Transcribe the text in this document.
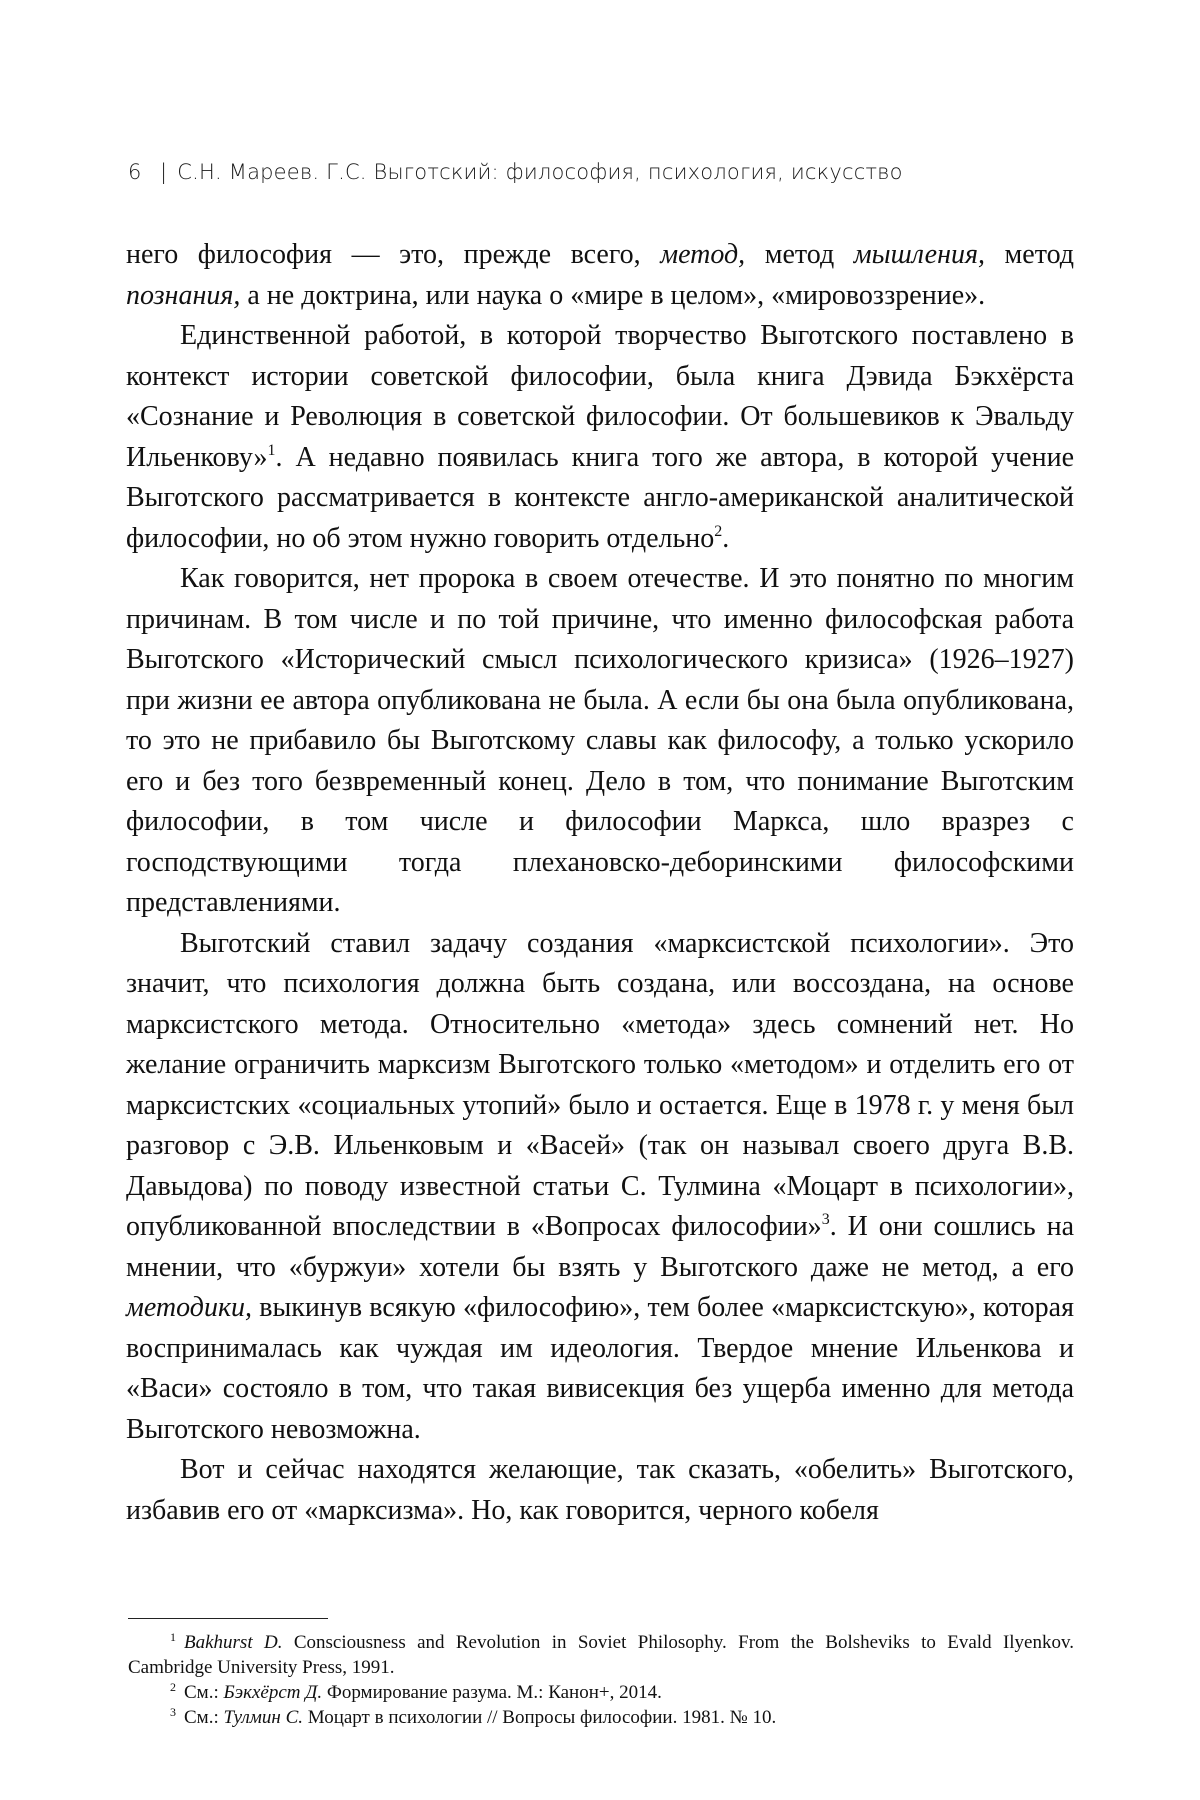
6 | С.Н. Мареев. Г.С. Выготский: философия, психология, искусство

него философия — это, прежде всего, метод, метод мышления, метод познания, а не доктрина, или наука о «мире в целом», «мировоззрение».

Единственной работой, в которой творчество Выготского поставлено в контекст истории советской философии, была книга Дэвида Бэкхёрста «Сознание и Революция в советской философии. От большевиков к Эвальду Ильенкову»$^1$. А недавно появилась книга того же автора, в которой учение Выготского рассматривается в контексте англо-американской аналитической философии, но об этом нужно говорить отдельно$^2$.

Как говорится, нет пророка в своем отечестве. И это понятно по многим причинам. В том числе и по той причине, что именно философская работа Выготского «Исторический смысл психологического кризиса» (1926–1927) при жизни ее автора опубликована не была. А если бы она была опубликована, то это не прибавило бы Выготскому славы как философу, а только ускорило его и без того безвременный конец. Дело в том, что понимание Выготским философии, в том числе и философии Маркса, шло вразрез с господствующими тогда плехановско-деборинскими философскими представлениями.

Выготский ставил задачу создания «марксистской психологии». Это значит, что психология должна быть создана, или воссоздана, на основе марксистского метода. Относительно «метода» здесь сомнений нет. Но желание ограничить марксизм Выготского только «методом» и отделить его от марксистских «социальных утопий» было и остается. Еще в 1978 г. у меня был разговор с Э.В. Ильенковым и «Васей» (так он называл своего друга В.В. Давыдова) по поводу известной статьи С. Тулмина «Моцарт в психологии», опубликованной впоследствии в «Вопросах философии»$^3$. И они сошлись на мнении, что «буржуи» хотели бы взять у Выготского даже не метод, а его методики, выкинув всякую «философию», тем более «марксистскую», которая воспринималась как чуждая им идеология. Твердое мнение Ильенкова и «Васи» состояло в том, что такая вивисекция без ущерба именно для метода Выготского невозможна.

Вот и сейчас находятся желающие, так сказать, «обелить» Выготского, избавив его от «марксизма». Но, как говорится, черного кобеля

$^1$ Bakhurst D. Consciousness and Revolution in Soviet Philosophy. From the Bolsheviks to Evald Ilyenkov. Cambridge University Press, 1991.

$^2$ См.: Бэкхёрст Д. Формирование разума. М.: Канон+, 2014.

$^3$ См.: Тулмин С. Моцарт в психологии // Вопросы философии. 1981. № 10.
